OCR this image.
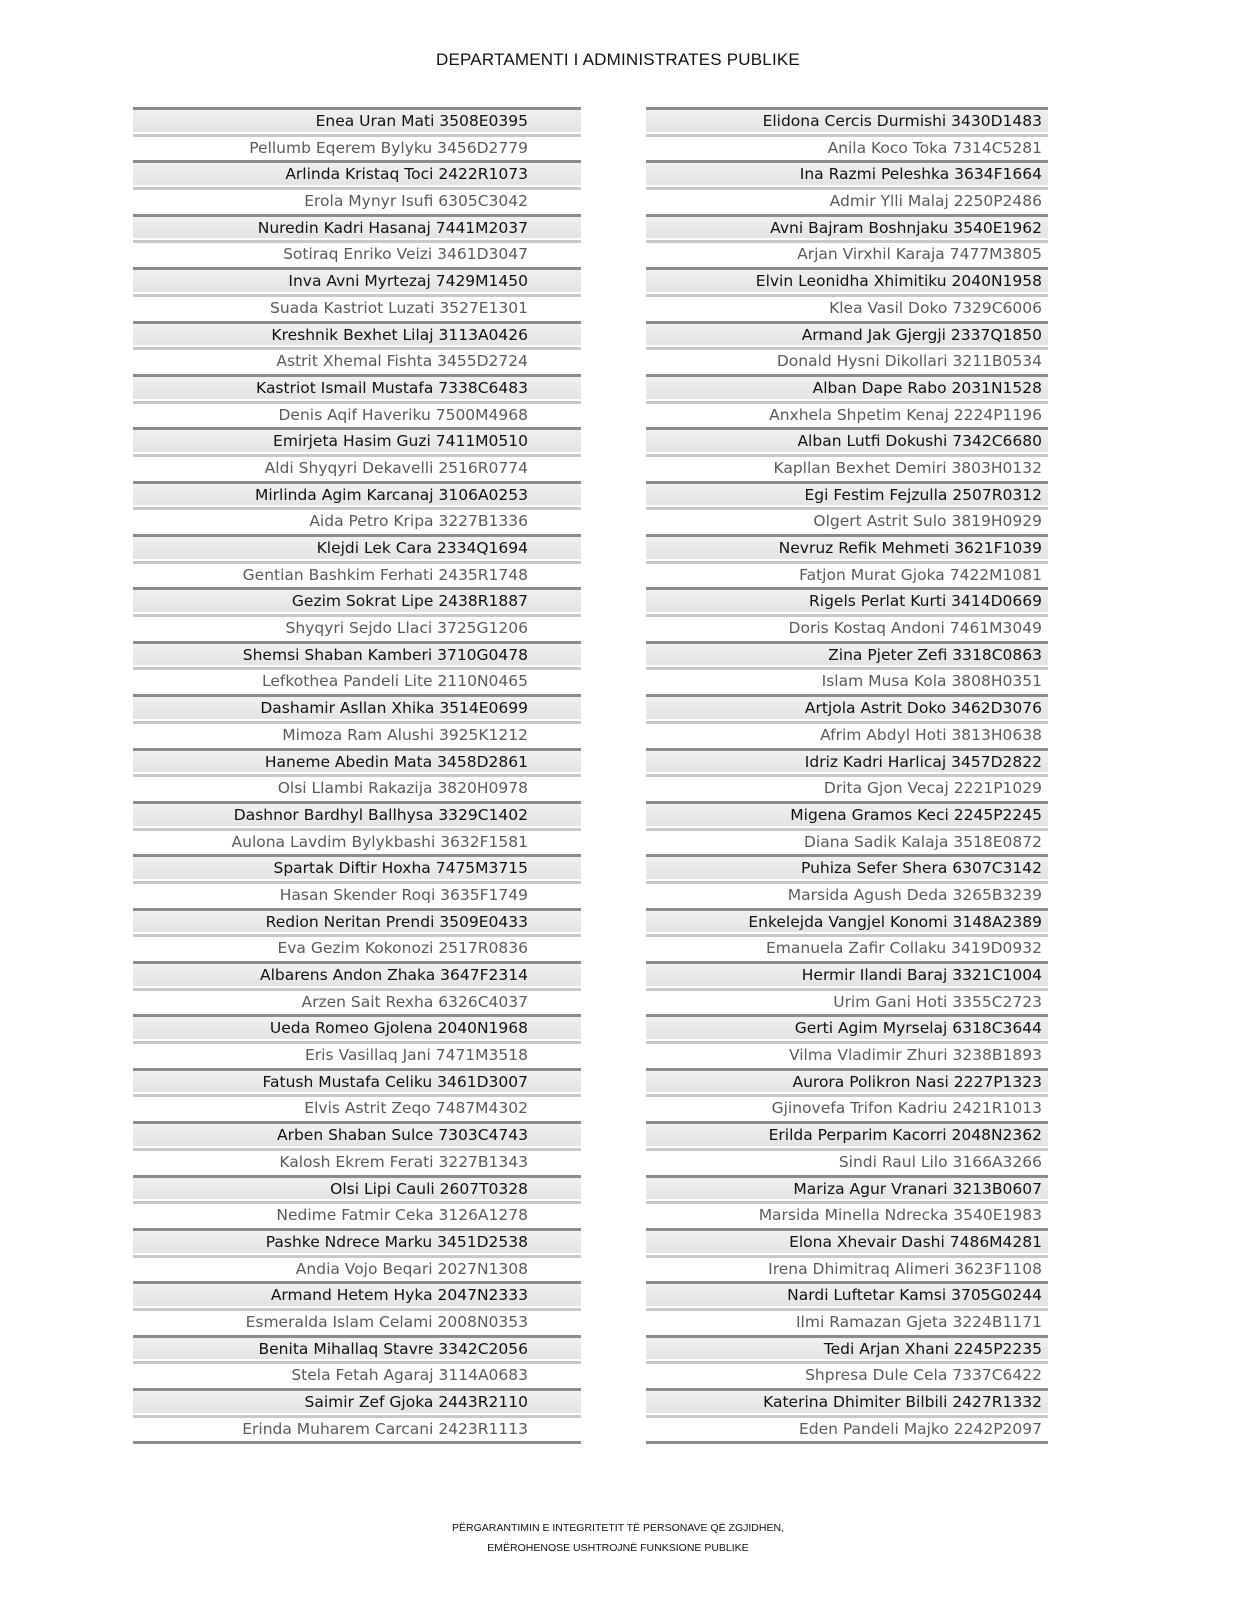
DEPARTAMENTI I ADMINISTRATES PUBLIKE
Enea Uran Mati 3508E0395
Pellumb Eqerem Bylyku 3456D2779
Arlinda Kristaq Toci 2422R1073
Erola Mynyr Isufi 6305C3042
Nuredin Kadri Hasanaj 7441M2037
Sotiraq Enriko Veizi 3461D3047
Inva Avni Myrtezaj 7429M1450
Suada Kastriot Luzati 3527E1301
Kreshnik Bexhet Lilaj 3113A0426
Astrit Xhemal Fishta 3455D2724
Kastriot Ismail Mustafa 7338C6483
Denis Aqif Haveriku 7500M4968
Emirjeta Hasim Guzi 7411M0510
Aldi Shyqyri Dekavelli 2516R0774
Mirlinda Agim Karcanaj 3106A0253
Aida Petro Kripa 3227B1336
Klejdi Lek Cara 2334Q1694
Gentian Bashkim Ferhati 2435R1748
Gezim Sokrat Lipe 2438R1887
Shyqyri Sejdo Llaci 3725G1206
Shemsi Shaban Kamberi 3710G0478
Lefkothea Pandeli Lite 2110N0465
Dashamir Asllan Xhika 3514E0699
Mimoza Ram Alushi 3925K1212
Haneme Abedin Mata 3458D2861
Olsi Llambi Rakazija 3820H0978
Dashnor Bardhyl Ballhysa 3329C1402
Aulona Lavdim Bylykbashi 3632F1581
Spartak Diftir Hoxha 7475M3715
Hasan Skender Roqi 3635F1749
Redion Neritan Prendi 3509E0433
Eva Gezim Kokonozi 2517R0836
Albarens Andon Zhaka 3647F2314
Arzen Sait Rexha 6326C4037
Ueda Romeo Gjolena 2040N1968
Eris Vasillaq Jani 7471M3518
Fatush Mustafa Celiku 3461D3007
Elvis Astrit Zeqo 7487M4302
Arben Shaban Sulce 7303C4743
Kalosh Ekrem Ferati 3227B1343
Olsi Lipi Cauli 2607T0328
Nedime Fatmir Ceka 3126A1278
Pashke Ndrece Marku 3451D2538
Andia Vojo Beqari 2027N1308
Armand Hetem Hyka 2047N2333
Esmeralda Islam Celami 2008N0353
Benita Mihallaq Stavre 3342C2056
Stela Fetah Agaraj 3114A0683
Saimir Zef Gjoka 2443R2110
Erinda Muharem Carcani 2423R1113
Elidona Cercis Durmishi 3430D1483
Anila Koco Toka 7314C5281
Ina Razmi Peleshka 3634F1664
Admir Ylli Malaj 2250P2486
Avni Bajram Boshnjaku 3540E1962
Arjan Virxhil Karaja 7477M3805
Elvin Leonidha Xhimitiku 2040N1958
Klea Vasil Doko 7329C6006
Armand Jak Gjergji 2337Q1850
Donald Hysni Dikollari 3211B0534
Alban Dape Rabo 2031N1528
Anxhela Shpetim Kenaj 2224P1196
Alban Lutfi Dokushi 7342C6680
Kapllan Bexhet Demiri 3803H0132
Egi Festim Fejzulla 2507R0312
Olgert Astrit Sulo 3819H0929
Nevruz Refik Mehmeti 3621F1039
Fatjon Murat Gjoka 7422M1081
Rigels Perlat Kurti 3414D0669
Doris Kostaq Andoni 7461M3049
Zina Pjeter Zefi 3318C0863
Islam Musa Kola 3808H0351
Artjola Astrit Doko 3462D3076
Afrim Abdyl Hoti 3813H0638
Idriz Kadri Harlicaj 3457D2822
Drita Gjon Vecaj 2221P1029
Migena Gramos Keci 2245P2245
Diana Sadik Kalaja 3518E0872
Puhiza Sefer Shera 6307C3142
Marsida Agush Deda 3265B3239
Enkelejda Vangjel Konomi 3148A2389
Emanuela Zafir Collaku 3419D0932
Hermir Ilandi Baraj 3321C1004
Urim Gani Hoti 3355C2723
Gerti Agim Myrselaj 6318C3644
Vilma Vladimir Zhuri 3238B1893
Aurora Polikron Nasi 2227P1323
Gjinovefa Trifon Kadriu 2421R1013
Erilda Perparim Kacorri 2048N2362
Sindi Raul Lilo 3166A3266
Mariza Agur Vranari 3213B0607
Marsida Minella Ndrecka 3540E1983
Elona Xhevair Dashi 7486M4281
Irena Dhimitraq Alimeri 3623F1108
Nardi Luftetar Kamsi 3705G0244
Ilmi Ramazan Gjeta 3224B1171
Tedi Arjan Xhani 2245P2235
Shpresa Dule Cela 7337C6422
Katerina Dhimiter Bilbili 2427R1332
Eden Pandeli Majko 2242P2097
PËRGARANTIMIN E INTEGRITETIT TË PERSONAVE QË ZGJIDHEN,
EMËROHENOSE USHTROJNË FUNKSIONE PUBLIKE
